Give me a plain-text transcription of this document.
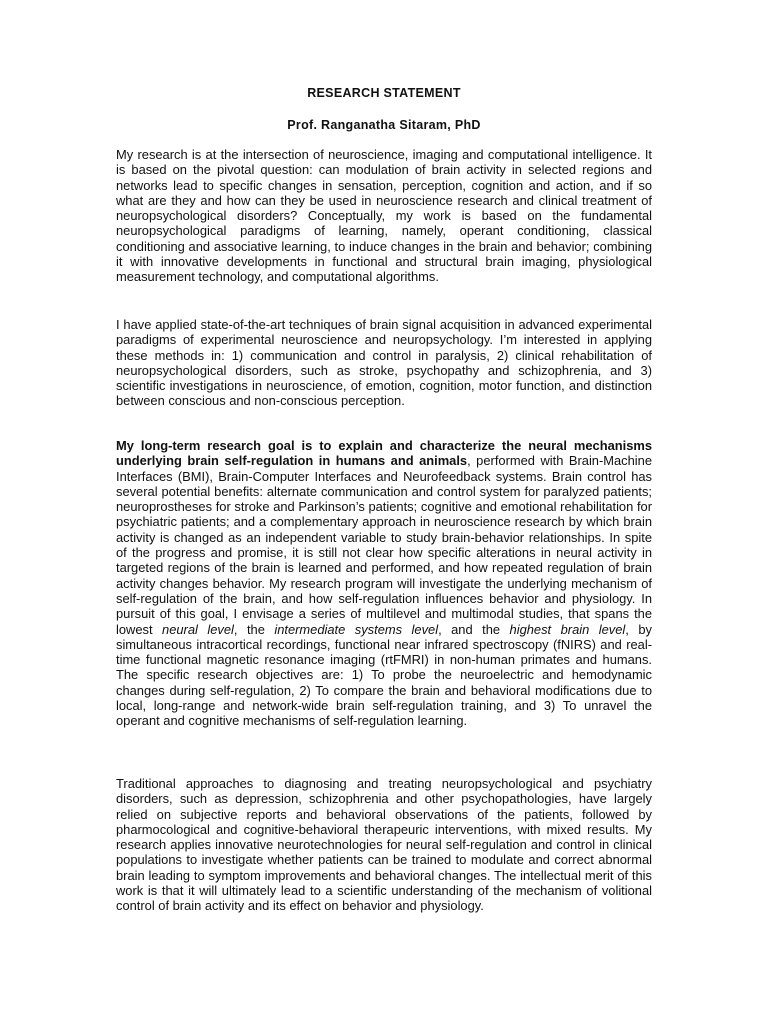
RESEARCH STATEMENT
Prof. Ranganatha Sitaram, PhD

My research is at the intersection of neuroscience, imaging and computational intelligence. It is based on the pivotal question: can modulation of brain activity in selected regions and networks lead to specific changes in sensation, perception, cognition and action, and if so what are they and how can they be used in neuroscience research and clinical treatment of neuropsychological disorders? Conceptually, my work is based on the fundamental neuropsychological paradigms of learning, namely, operant conditioning, classical conditioning and associative learning, to induce changes in the brain and behavior; combining it with innovative developments in functional and structural brain imaging, physiological measurement technology, and computational algorithms.

I have applied state-of-the-art techniques of brain signal acquisition in advanced experimental paradigms of experimental neuroscience and neuropsychology. I’m interested in applying these methods in: 1) communication and control in paralysis, 2) clinical rehabilitation of neuropsychological disorders, such as stroke, psychopathy and schizophrenia, and 3) scientific investigations in neuroscience, of emotion, cognition, motor function, and distinction between conscious and non-conscious perception.

My long-term research goal is to explain and characterize the neural mechanisms underlying brain self-regulation in humans and animals, performed with Brain-Machine Interfaces (BMI), Brain-Computer Interfaces and Neurofeedback systems. Brain control has several potential benefits: alternate communication and control system for paralyzed patients; neuroprostheses for stroke and Parkinson’s patients; cognitive and emotional rehabilitation for psychiatric patients; and a complementary approach in neuroscience research by which brain activity is changed as an independent variable to study brain-behavior relationships. In spite of the progress and promise, it is still not clear how specific alterations in neural activity in targeted regions of the brain is learned and performed, and how repeated regulation of brain activity changes behavior. My research program will investigate the underlying mechanism of self-regulation of the brain, and how self-regulation influences behavior and physiology. In pursuit of this goal, I envisage a series of multilevel and multimodal studies, that spans the lowest neural level, the intermediate systems level, and the highest brain level, by simultaneous intracortical recordings, functional near infrared spectroscopy (fNIRS) and real-time functional magnetic resonance imaging (rtFMRI) in non-human primates and humans. The specific research objectives are: 1) To probe the neuroelectric and hemodynamic changes during self-regulation, 2) To compare the brain and behavioral modifications due to local, long-range and network-wide brain self-regulation training, and 3) To unravel the operant and cognitive mechanisms of self-regulation learning.

Traditional approaches to diagnosing and treating neuropsychological and psychiatry disorders, such as depression, schizophrenia and other psychopathologies, have largely relied on subjective reports and behavioral observations of the patients, followed by pharmocological and cognitive-behavioral therapeuric interventions, with mixed results. My research applies innovative neurotechnologies for neural self-regulation and control in clinical populations to investigate whether patients can be trained to modulate and correct abnormal brain leading to symptom improvements and behavioral changes. The intellectual merit of this work is that it will ultimately lead to a scientific understanding of the mechanism of volitional control of brain activity and its effect on behavior and physiology.
